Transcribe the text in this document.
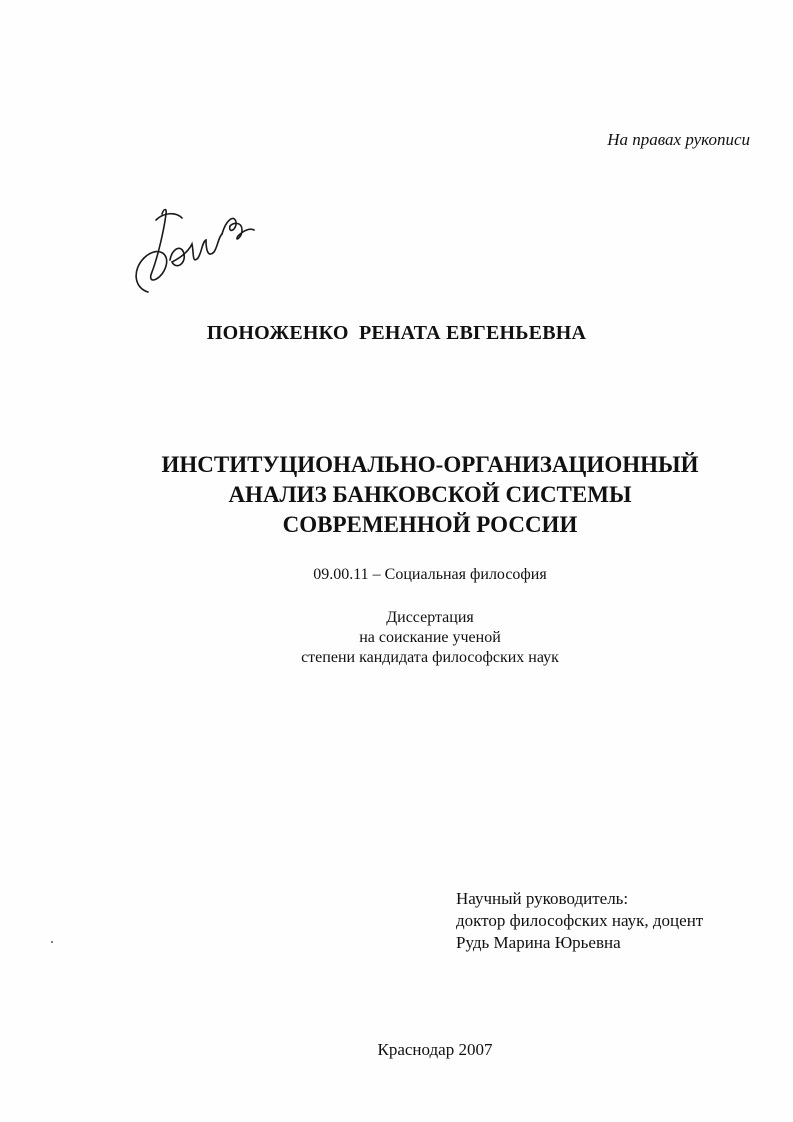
На правах рукописи
ПОНОЖЕНКО  РЕНАТА ЕВГЕНЬЕВНА
ИНСТИТУЦИОНАЛЬНО-ОРГАНИЗАЦИОННЫЙ
АНАЛИЗ БАНКОВСКОЙ СИСТЕМЫ
СОВРЕМЕННОЙ РОССИИ
09.00.11 – Социальная философия
Диссертация
на соискание ученой
степени кандидата философских наук
Научный руководитель:
доктор философских наук, доцент
Рудь Марина Юрьевна
Краснодар 2007
